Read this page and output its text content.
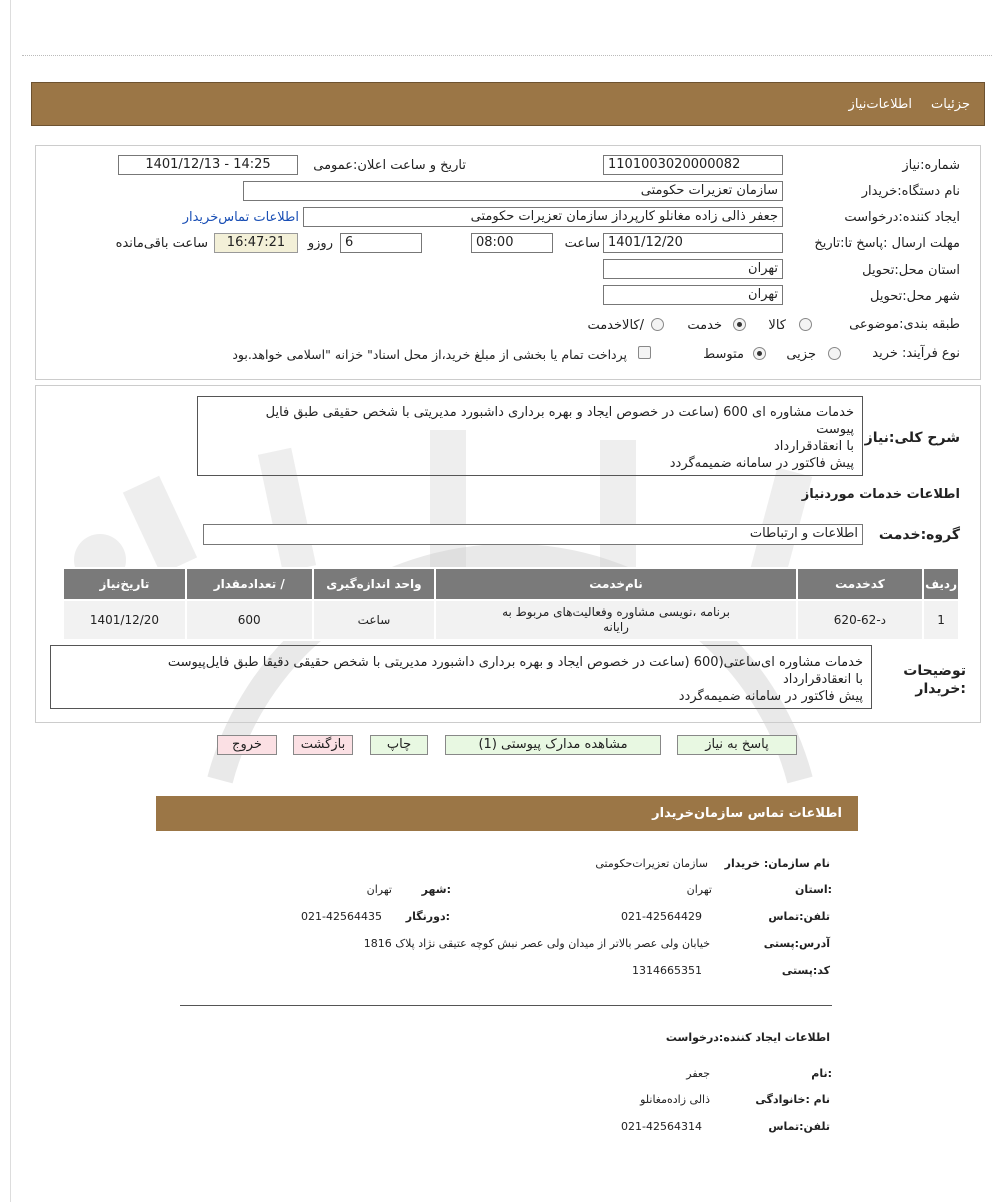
جزئیات
اطلاعات‌نیاز
شماره:نیاز
1101003020000082
تاریخ و ساعت اعلان:عمومی
1401/12/13 - 14:25
نام دستگاه:خریدار
سازمان تعزیرات حکومتی
ایجاد کننده:درخواست
جعفر ذالی زاده مغانلو کارپرداز سازمان تعزیرات حکومتی
اطلاعات تماس‌خریدار
مهلت ارسال :پاسخ تا:تاریخ
1401/12/20
ساعت
08:00
6
روزو
16:47:21
ساعت باقی‌مانده
استان محل:تحویل
تهران
شهر محل:تحویل
تهران
طبقه بندی:موضوعی
کالا
خدمت
/کالاخدمت
نوع فرآیند: خرید
جزیی
متوسط
پرداخت تمام یا بخشی از مبلغ خرید،از محل اسناد" خزانه "اسلامی خواهد.بود
شرح کلی:نیاز
خدمات مشاوره ای 600 (ساعت در خصوص ایجاد و بهره برداری داشبورد مدیریتی با شخص حقیقی طبق فایل
پیوست
با انعقادقرارداد
پیش فاکتور در سامانه ضمیمه‌گردد
اطلاعات خدمات موردنیاز
گروه:خدمت
اطلاعات و ارتباطات
ردیف	کدخدمت	نام‌خدمت	واحد اندازه‌گیری	/ تعدادمقدار	تاریخ‌نیاز
1	د-62-620	برنامه ،نویسی مشاوره وفعالیت‌های مربوط به رایانه	ساعت	600	1401/12/20
توضیحات :خریدار
خدمات مشاوره ای‌ساعتی(600 (ساعت در خصوص ایجاد و بهره برداری داشبورد مدیریتی با شخص حقیقی دقیقا طبق فایل‌پیوست
با انعقادقرارداد
پیش فاکتور در سامانه ضمیمه‌گردد
پاسخ به نیاز
مشاهده مدارک پیوستی (1)
چاپ
بازگشت
خروج
اطلاعات تماس سازمان‌خریدار
نام سازمان: خریدار
سازمان تعزیرات‌حکومتی
:استان
تهران
:شهر
تهران
تلفن:تماس
021-42564429
:دورنگار
021-42564435
آدرس:پستی
خیابان ولی عصر بالاتر از میدان ولی عصر نبش کوچه عتیقی نژاد پلاک 1816
کد:پستی
1314665351
اطلاعات ایجاد کننده:درخواست
:نام
جعفر
نام :خانوادگی
ذالی زاده‌مغانلو
تلفن:تماس
021-42564314
